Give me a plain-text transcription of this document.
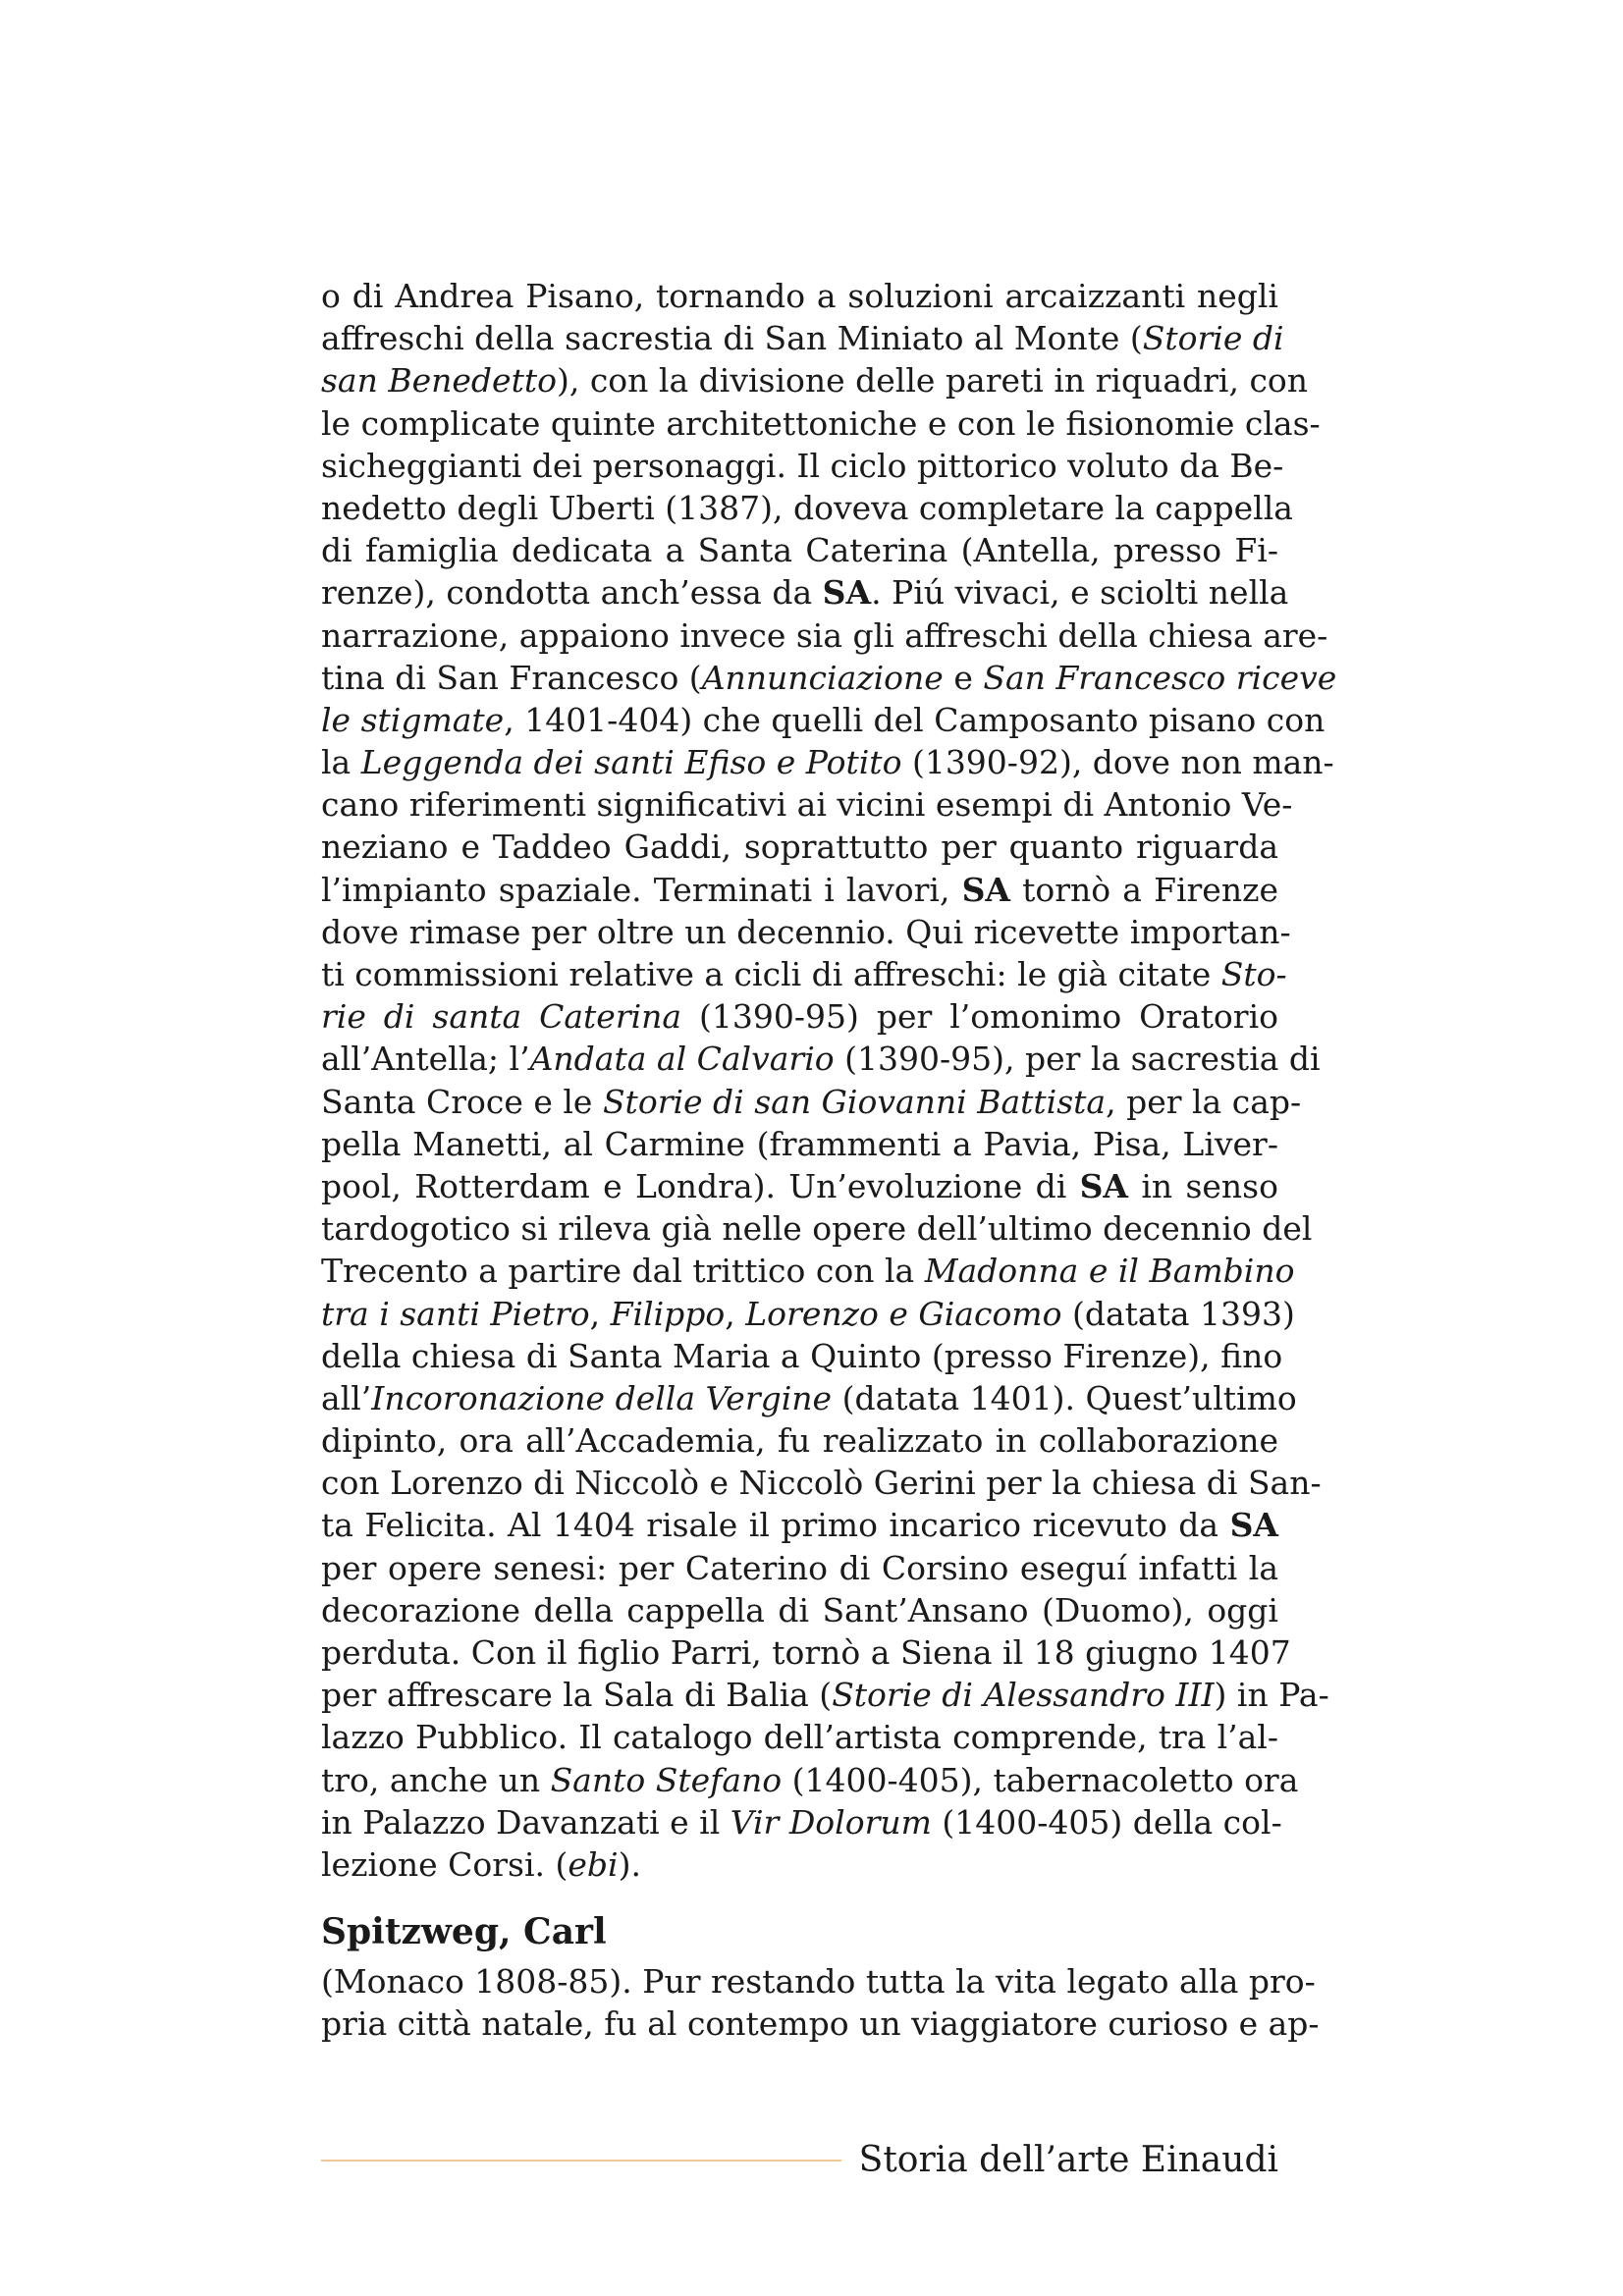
o di Andrea Pisano, tornando a soluzioni arcaizzanti negli
affreschi della sacrestia di San Miniato al Monte (Storie di
san Benedetto), con la divisione delle pareti in riquadri, con
le complicate quinte architettoniche e con le fisionomie clas-
sicheggianti dei personaggi. Il ciclo pittorico voluto da Be-
nedetto degli Uberti (1387), doveva completare la cappella
di famiglia dedicata a Santa Caterina (Antella, presso Fi-
renze), condotta anch’essa da SA. Piú vivaci, e sciolti nella
narrazione, appaiono invece sia gli affreschi della chiesa are-
tina di San Francesco (Annunciazione e San Francesco riceve
le stigmate, 1401-404) che quelli del Camposanto pisano con
la Leggenda dei santi Efiso e Potito (1390-92), dove non man-
cano riferimenti significativi ai vicini esempi di Antonio Ve-
neziano e Taddeo Gaddi, soprattutto per quanto riguarda
l’impianto spaziale. Terminati i lavori, SA tornò a Firenze
dove rimase per oltre un decennio. Qui ricevette importan-
ti commissioni relative a cicli di affreschi: le già citate Sto-
rie di santa Caterina (1390-95) per l’omonimo Oratorio
all’Antella; l’Andata al Calvario (1390-95), per la sacrestia di
Santa Croce e le Storie di san Giovanni Battista, per la cap-
pella Manetti, al Carmine (frammenti a Pavia, Pisa, Liver-
pool, Rotterdam e Londra). Un’evoluzione di SA in senso
tardogotico si rileva già nelle opere dell’ultimo decennio del
Trecento a partire dal trittico con la Madonna e il Bambino
tra i santi Pietro, Filippo, Lorenzo e Giacomo (datata 1393)
della chiesa di Santa Maria a Quinto (presso Firenze), fino
all’Incoronazione della Vergine (datata 1401). Quest’ultimo
dipinto, ora all’Accademia, fu realizzato in collaborazione
con Lorenzo di Niccolò e Niccolò Gerini per la chiesa di San-
ta Felicita. Al 1404 risale il primo incarico ricevuto da SA
per opere senesi: per Caterino di Corsino eseguí infatti la
decorazione della cappella di Sant’Ansano (Duomo), oggi
perduta. Con il figlio Parri, tornò a Siena il 18 giugno 1407
per affrescare la Sala di Balia (Storie di Alessandro III) in Pa-
lazzo Pubblico. Il catalogo dell’artista comprende, tra l’al-
tro, anche un Santo Stefano (1400-405), tabernacoletto ora
in Palazzo Davanzati e il Vir Dolorum (1400-405) della col-
lezione Corsi. (ebi).
Spitzweg, Carl
(Monaco 1808-85). Pur restando tutta la vita legato alla pro-
pria città natale, fu al contempo un viaggiatore curioso e ap-
Storia dell’arte Einaudi
